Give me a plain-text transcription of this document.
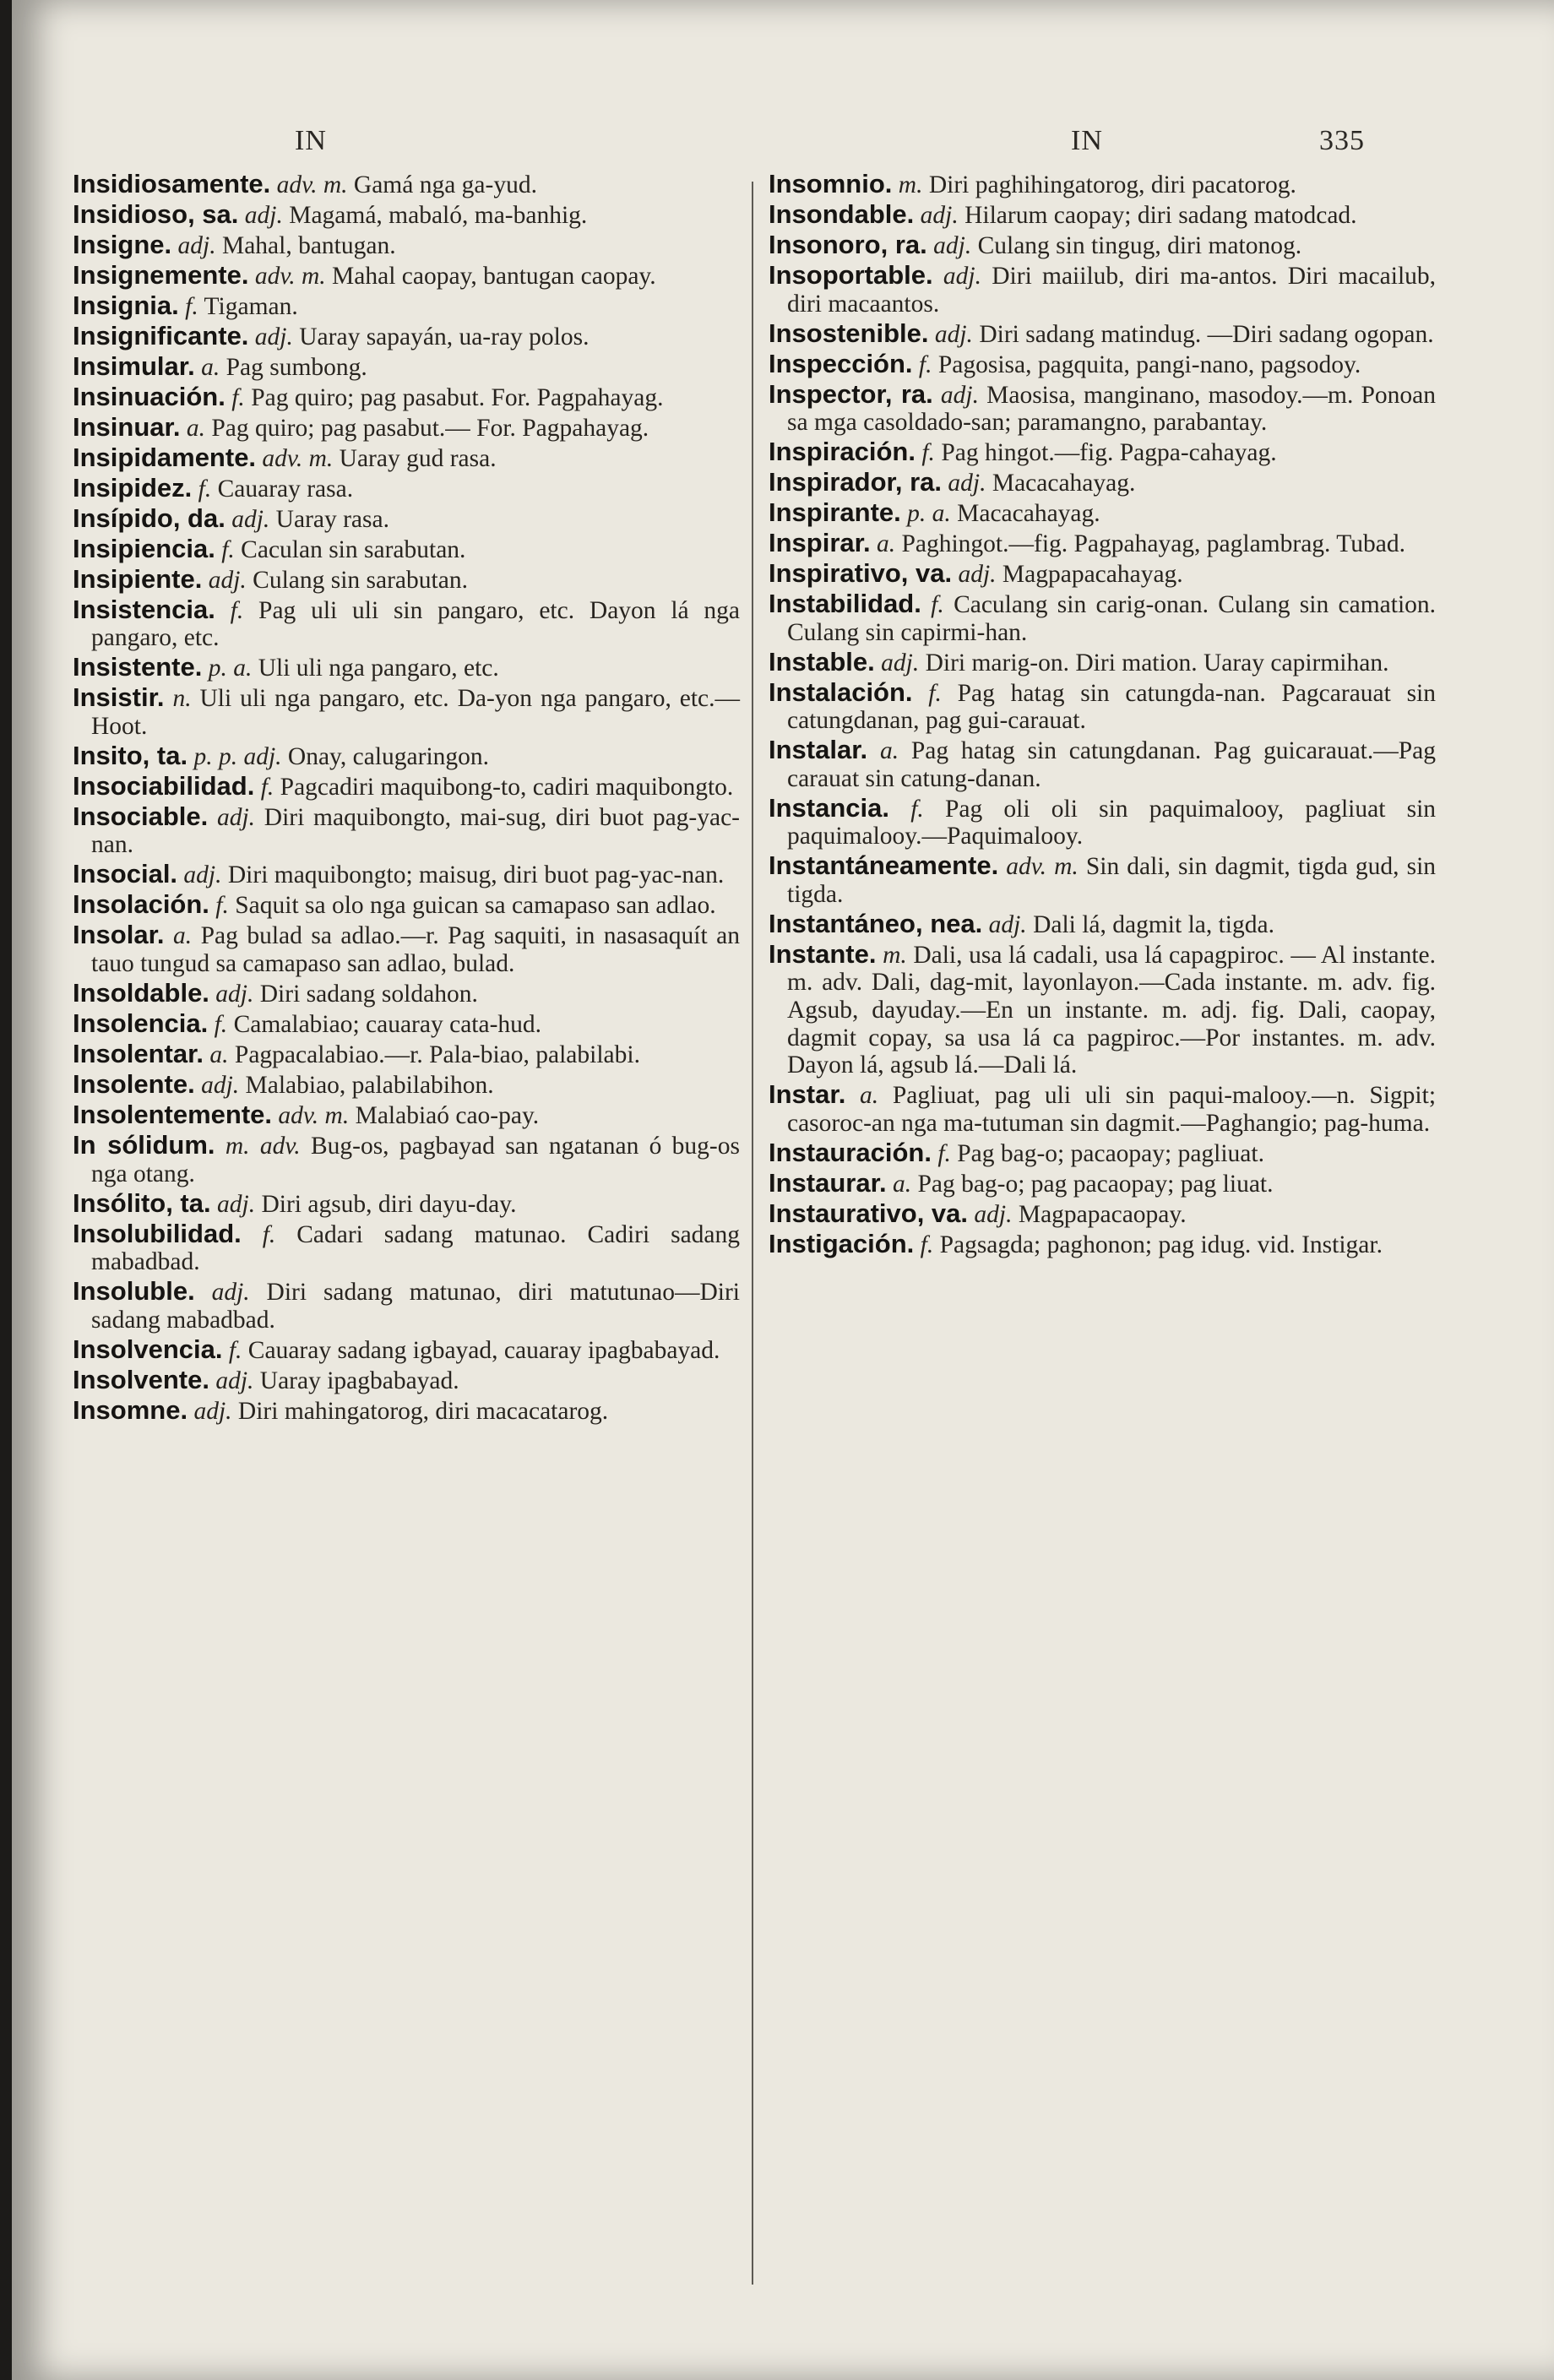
IN	IN	335

Insidiosamente. adv. m. Gamá nga ga-yud.

Insidioso, sa. adj. Magamá, mabaló, ma-banhig.

Insigne. adj. Mahal, bantugan.

Insignemente. adv. m. Mahal caopay, bantugan caopay.

Insignia. f. Tigaman.

Insignificante. adj. Uaray sapayán, ua-ray polos.

Insimular. a. Pag sumbong.

Insinuación. f. Pag quiro; pag pasabut. For. Pagpahayag.

Insinuar. a. Pag quiro; pag pasabut.— For. Pagpahayag.

Insipidamente. adv. m. Uaray gud rasa.

Insipidez. f. Cauaray rasa.

Insípido, da. adj. Uaray rasa.

Insipiencia. f. Caculan sin sarabutan.

Insipiente. adj. Culang sin sarabutan.

Insistencia. f. Pag uli uli sin pangaro, etc. Dayon lá nga pangaro, etc.

Insistente. p. a. Uli uli nga pangaro, etc.

Insistir. n. Uli uli nga pangaro, etc. Da-yon nga pangaro, etc.—Hoot.

Insito, ta. p. p. adj. Onay, calugaringon.

Insociabilidad. f. Pagcadiri maquibong-to, cadiri maquibongto.

Insociable. adj. Diri maquibongto, mai-sug, diri buot pag-yac-nan.

Insocial. adj. Diri maquibongto; maisug, diri buot pag-yac-nan.

Insolación. f. Saquit sa olo nga guican sa camapaso san adlao.

Insolar. a. Pag bulad sa adlao.—r. Pag saquiti, in nasasaquít an tauo tungud sa camapaso san adlao, bulad.

Insoldable. adj. Diri sadang soldahon.

Insolencia. f. Camalabiao; cauaray cata-hud.

Insolentar. a. Pagpacalabiao.—r. Pala-biao, palabilabi.

Insolente. adj. Malabiao, palabilabihon.

Insolentemente. adv. m. Malabiaó cao-pay.

In sólidum. m. adv. Bug-os, pagbayad san ngatanan ó bug-os nga otang.

Insólito, ta. adj. Diri agsub, diri dayu-day.

Insolubilidad. f. Cadari sadang matunao. Cadiri sadang mabadbad.

Insoluble. adj. Diri sadang matunao, diri matutunao—Diri sadang mabadbad.

Insolvencia. f. Cauaray sadang igbayad, cauaray ipagbabayad.

Insolvente. adj. Uaray ipagbabayad.

Insomne. adj. Diri mahingatorog, diri macacatarog.

Insomnio. m. Diri paghihingatorog, diri pacatorog.

Insondable. adj. Hilarum caopay; diri sadang matodcad.

Insonoro, ra. adj. Culang sin tingug, diri matonog.

Insoportable. adj. Diri maiilub, diri ma-antos. Diri macailub, diri macaantos.

Insostenible. adj. Diri sadang matindug. —Diri sadang ogopan.

Inspección. f. Pagosisa, pagquita, pangi-nano, pagsodoy.

Inspector, ra. adj. Maosisa, manginano, masodoy.—m. Ponoan sa mga casoldado-san; paramangno, parabantay.

Inspiración. f. Pag hingot.—fig. Pagpa-cahayag.

Inspirador, ra. adj. Macacahayag.

Inspirante. p. a. Macacahayag.

Inspirar. a. Paghingot.—fig. Pagpahayag, paglambrag. Tubad.

Inspirativo, va. adj. Magpapacahayag.

Instabilidad. f. Caculang sin carig-onan. Culang sin camation. Culang sin capirmi-han.

Instable. adj. Diri marig-on. Diri mation. Uaray capirmihan.

Instalación. f. Pag hatag sin catungda-nan. Pagcarauat sin catungdanan, pag gui-carauat.

Instalar. a. Pag hatag sin catungdanan. Pag guicarauat.—Pag carauat sin catung-danan.

Instancia. f. Pag oli oli sin paquimalooy, pagliuat sin paquimalooy.—Paquimalooy.

Instantáneamente. adv. m. Sin dali, sin dagmit, tigda gud, sin tigda.

Instantáneo, nea. adj. Dali lá, dagmit la, tigda.

Instante. m. Dali, usa lá cadali, usa lá capagpiroc. — Al instante. m. adv. Dali, dag-mit, layonlayon.—Cada instante. m. adv. fig. Agsub, dayuday.—En un instante. m. adj. fig. Dali, caopay, dagmit copay, sa usa lá ca pagpiroc.—Por instantes. m. adv. Dayon lá, agsub lá.—Dali lá.

Instar. a. Pagliuat, pag uli uli sin paqui-malooy.—n. Sigpit; casoroc-an nga ma-tutuman sin dagmit.—Paghangio; pag-huma.

Instauración. f. Pag bag-o; pacaopay; pagliuat.

Instaurar. a. Pag bag-o; pag pacaopay; pag liuat.

Instaurativo, va. adj. Magpapacaopay.

Instigación. f. Pagsagda; paghonon; pag idug. vid. Instigar.
